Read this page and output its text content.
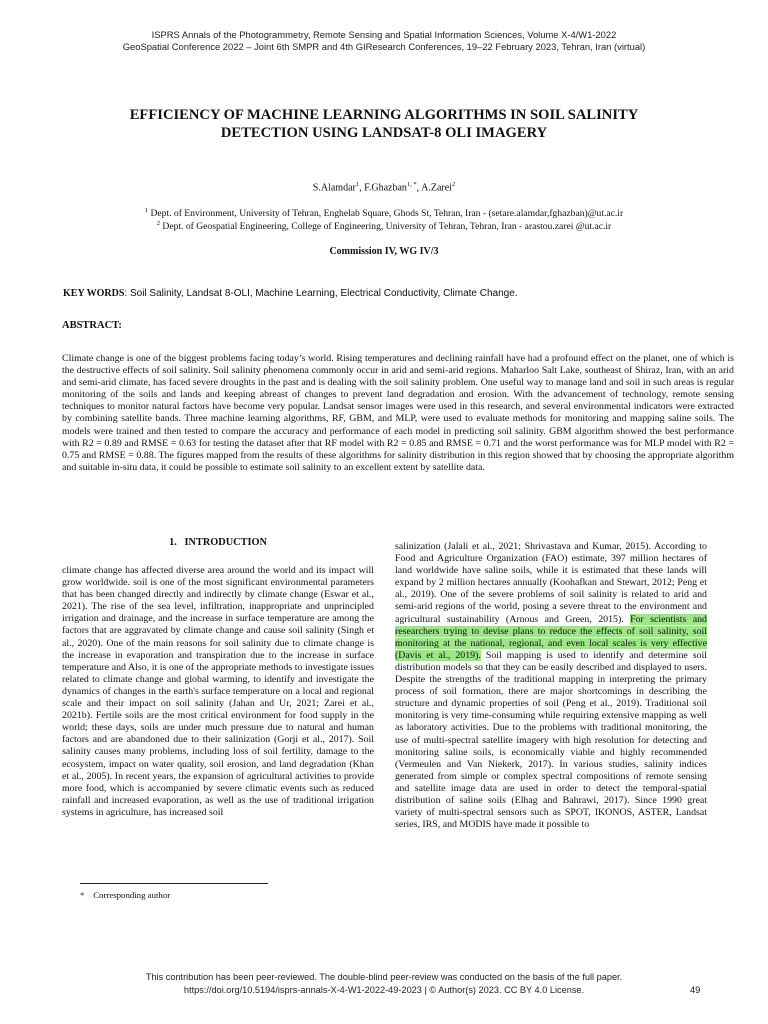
ISPRS Annals of the Photogrammetry, Remote Sensing and Spatial Information Sciences, Volume X-4/W1-2022
GeoSpatial Conference 2022 – Joint 6th SMPR and 4th GIResearch Conferences, 19–22 February 2023, Tehran, Iran (virtual)
EFFICIENCY OF MACHINE LEARNING ALGORITHMS IN SOIL SALINITY
DETECTION USING LANDSAT-8 OLI IMAGERY
S.Alamdar$^1$, F.Ghazban$^{1, *}$, A.Zarei$^2$
$^1$ Dept. of Environment, University of Tehran, Enghelab Square, Ghods St, Tehran, Iran - (setare.alamdar,fghazban)@ut.ac.ir
$^2$ Dept. of Geospatial Engineering, College of Engineering, University of Tehran, Tehran, Iran - arastou.zarei @ut.ac.ir
Commission IV, WG IV/3
KEY WORDS: Soil Salinity, Landsat 8-OLI, Machine Learning, Electrical Conductivity, Climate Change.
ABSTRACT:
Climate change is one of the biggest problems facing today’s world. Rising temperatures and declining rainfall have had a profound effect on the planet, one of which is the destructive effects of soil salinity. Soil salinity phenomena commonly occur in arid and semi-arid regions. Maharloo Salt Lake, southeast of Shiraz, Iran, with an arid and semi-arid climate, has faced severe droughts in the past and is dealing with the soil salinity problem. One useful way to manage land and soil in such areas is regular monitoring of the soils and lands and keeping abreast of changes to prevent land degradation and erosion. With the advancement of technology, remote sensing techniques to monitor natural factors have become very popular. Landsat sensor images were used in this research, and several environmental indicators were extracted by combining satellite bands. Three machine learning algorithms, RF, GBM, and MLP, were used to evaluate methods for monitoring and mapping saline soils. The models were trained and then tested to compare the accuracy and performance of each model in predicting soil salinity. GBM algorithm showed the best performance with R2 = 0.89 and RMSE = 0.63 for testing the dataset after that RF model with R2 = 0.85 and RMSE = 0.71 and the worst performance was for MLP model with R2 = 0.75 and RMSE = 0.88. The figures mapped from the results of these algorithms for salinity distribution in this region showed that by choosing the appropriate algorithm and suitable in-situ data, it could be possible to estimate soil salinity to an excellent extent by satellite data.
1.   INTRODUCTION
climate change has affected diverse area around the world and its impact will grow worldwide. soil is one of the most significant environmental parameters that has been changed directly and indirectly by climate change (Eswar et al., 2021). The rise of the sea level, infiltration, inappropriate and unprincipled irrigation and drainage, and the increase in surface temperature are among the factors that are aggravated by climate change and cause soil salinity (Singh et al., 2020). One of the main reasons for soil salinity due to climate change is the increase in evaporation and transpiration due to the increase in surface temperature and Also, it is one of the appropriate methods to investigate issues related to climate change and global warming, to identify and investigate the dynamics of changes in the earth's surface temperature on a local and regional scale and their impact on soil salinity (Jahan and Ur, 2021; Zarei et al., 2021b). Fertile soils are the most critical environment for food supply in the world; these days, soils are under much pressure due to natural and human factors and are abandoned due to their salinization (Gorji et al., 2017). Soil salinity causes many problems, including loss of soil fertility, damage to the ecosystem, impact on water quality, soil erosion, and land degradation (Khan et al., 2005). In recent years, the expansion of agricultural activities to provide more food, which is accompanied by severe climatic events such as reduced rainfall and increased evaporation, as well as the use of traditional irrigation systems in agriculture, has increased soil
salinization (Jalali et al., 2021; Shrivastava and Kumar, 2015). According to Food and Agriculture Organization (FAO) estimate, 397 million hectares of land worldwide have saline soils, while it is estimated that these lands will expand by 2 million hectares annually (Koohafkan and Stewart, 2012; Peng et al., 2019). One of the severe problems of soil salinity is related to arid and semi-arid regions of the world, posing a severe threat to the environment and agricultural sustainability (Arnous and Green, 2015). For scientists and researchers trying to devise plans to reduce the effects of soil salinity, soil monitoring at the national, regional, and even local scales is very effective (Davis et al., 2019). Soil mapping is used to identify and determine soil distribution models so that they can be easily described and displayed to users. Despite the strengths of the traditional mapping in interpreting the primary process of soil formation, there are major shortcomings in describing the structure and dynamic properties of soil (Peng et al., 2019). Traditional soil monitoring is very time-consuming while requiring extensive mapping as well as laboratory activities. Due to the problems with traditional monitoring, the use of multi-spectral satellite imagery with high resolution for detecting and monitoring saline soils, is economically viable and highly recommended (Vermeulen and Van Niekerk, 2017). In various studies, salinity indices generated from simple or complex spectral compositions of remote sensing and satellite image data are used in order to detect the temporal-spatial distribution of saline soils (Elhag and Bahrawi, 2017). Since 1990 great variety of multi-spectral sensors such as SPOT, IKONOS, ASTER, Landsat series, IRS, and MODIS have made it possible to
*    Corresponding author
This contribution has been peer-reviewed. The double-blind peer-review was conducted on the basis of the full paper.
https://doi.org/10.5194/isprs-annals-X-4-W1-2022-49-2023 | © Author(s) 2023. CC BY 4.0 License.	49
